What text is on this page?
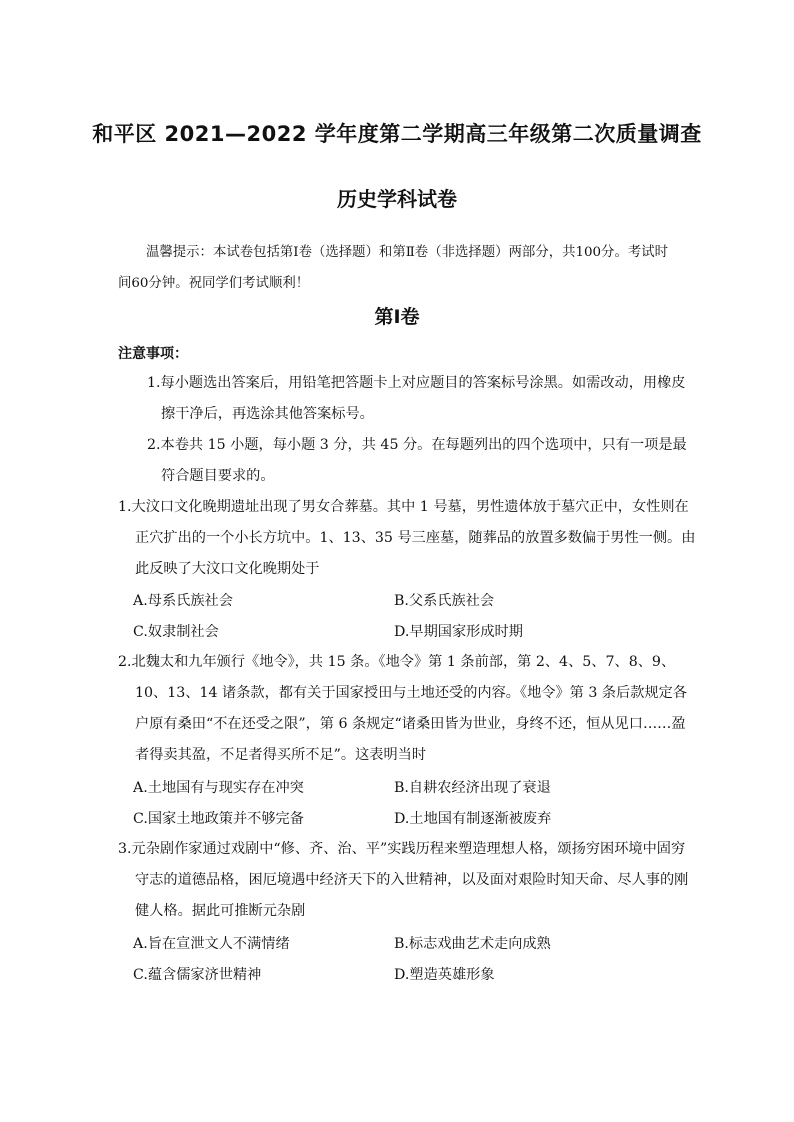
和平区 2021—2022 学年度第二学期高三年级第二次质量调查
历史学科试卷
温馨提示：本试卷包括第Ⅰ卷（选择题）和第Ⅱ卷（非选择题）两部分，共100分。考试时间60分钟。祝同学们考试顺利！
第Ⅰ卷
注意事项：
1.每小题选出答案后，用铅笔把答题卡上对应题目的答案标号涂黑。如需改动，用橡皮擦干净后，再选涂其他答案标号。
2.本卷共 15 小题，每小题 3 分，共 45 分。在每题列出的四个选项中，只有一项是最符合题目要求的。
1.大汶口文化晚期遗址出现了男女合葬墓。其中 1 号墓，男性遗体放于墓穴正中，女性则在正穴扩出的一个小长方坑中。1、13、35 号三座墓，随葬品的放置多数偏于男性一侧。由此反映了大汶口文化晚期处于
A.母系氏族社会	B.父系氏族社会
C.奴隶制社会	D.早期国家形成时期
2.北魏太和九年颁行《地令》，共 15 条。《地令》第 1 条前部，第 2、4、5、7、8、9、10、13、14 诸条款，都有关于国家授田与土地还受的内容。《地令》第 3 条后款规定各户原有桑田“不在还受之限”，第 6 条规定“诸桑田皆为世业，身终不还，恒从见口……盈者得卖其盈，不足者得买所不足”。这表明当时
A.土地国有与现实存在冲突	B.自耕农经济出现了衰退
C.国家土地政策并不够完备	D.土地国有制逐渐被废弃
3.元杂剧作家通过戏剧中“修、齐、治、平”实践历程来塑造理想人格，颂扬穷困环境中固穷守志的道德品格，困厄境遇中经济天下的入世精神，以及面对艰险时知天命、尽人事的刚健人格。据此可推断元杂剧
A.旨在宣泄文人不满情绪	B.标志戏曲艺术走向成熟
C.蕴含儒家济世精神	D.塑造英雄形象
